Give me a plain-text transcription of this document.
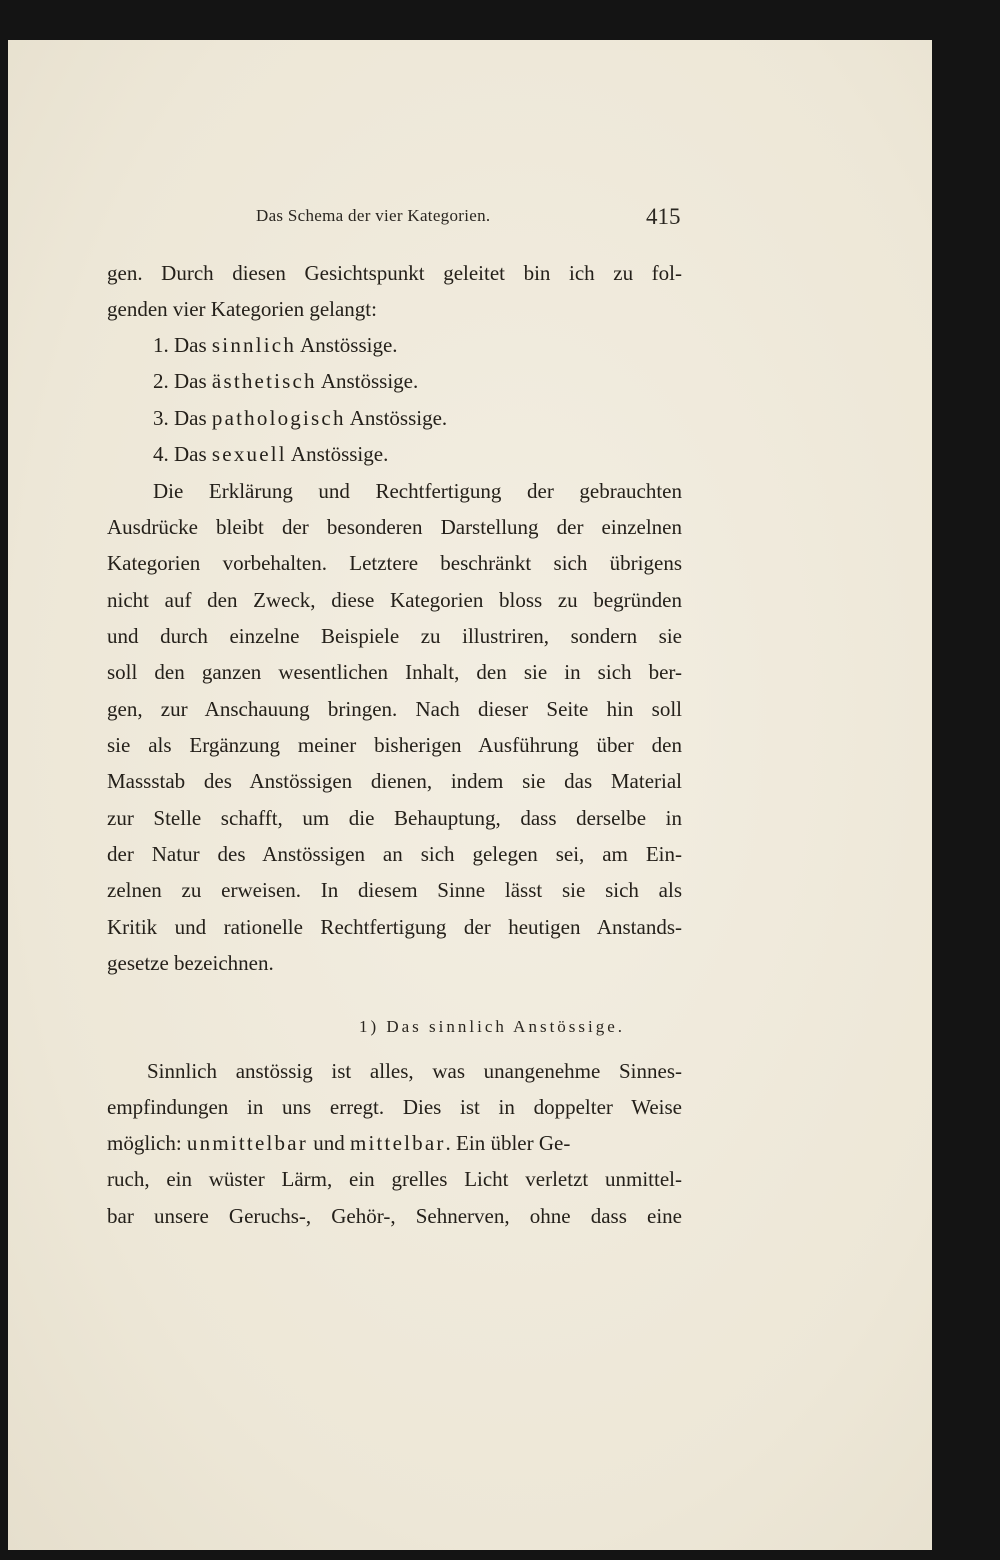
Das Schema der vier Kategorien.	415
gen. Durch diesen Gesichtspunkt geleitet bin ich zu fol-
genden vier Kategorien gelangt:
1. Das sinnlich Anstössige.
2. Das ästhetisch Anstössige.
3. Das pathologisch Anstössige.
4. Das sexuell Anstössige.
Die Erklärung und Rechtfertigung der gebrauchten
Ausdrücke bleibt der besonderen Darstellung der einzelnen
Kategorien vorbehalten. Letztere beschränkt sich übrigens
nicht auf den Zweck, diese Kategorien bloss zu begründen
und durch einzelne Beispiele zu illustriren, sondern sie
soll den ganzen wesentlichen Inhalt, den sie in sich ber-
gen, zur Anschauung bringen. Nach dieser Seite hin soll
sie als Ergänzung meiner bisherigen Ausführung über den
Massstab des Anstössigen dienen, indem sie das Material
zur Stelle schafft, um die Behauptung, dass derselbe in
der Natur des Anstössigen an sich gelegen sei, am Ein-
zelnen zu erweisen. In diesem Sinne lässt sie sich als
Kritik und rationelle Rechtfertigung der heutigen Anstands-
gesetze bezeichnen.
1) Das sinnlich Anstössige.
Sinnlich anstössig ist alles, was unangenehme Sinnes-
empfindungen in uns erregt. Dies ist in doppelter Weise
möglich: unmittelbar und mittelbar. Ein übler Ge-
ruch, ein wüster Lärm, ein grelles Licht verletzt unmittel-
bar unsere Geruchs-, Gehör-, Sehnerven, ohne dass eine
